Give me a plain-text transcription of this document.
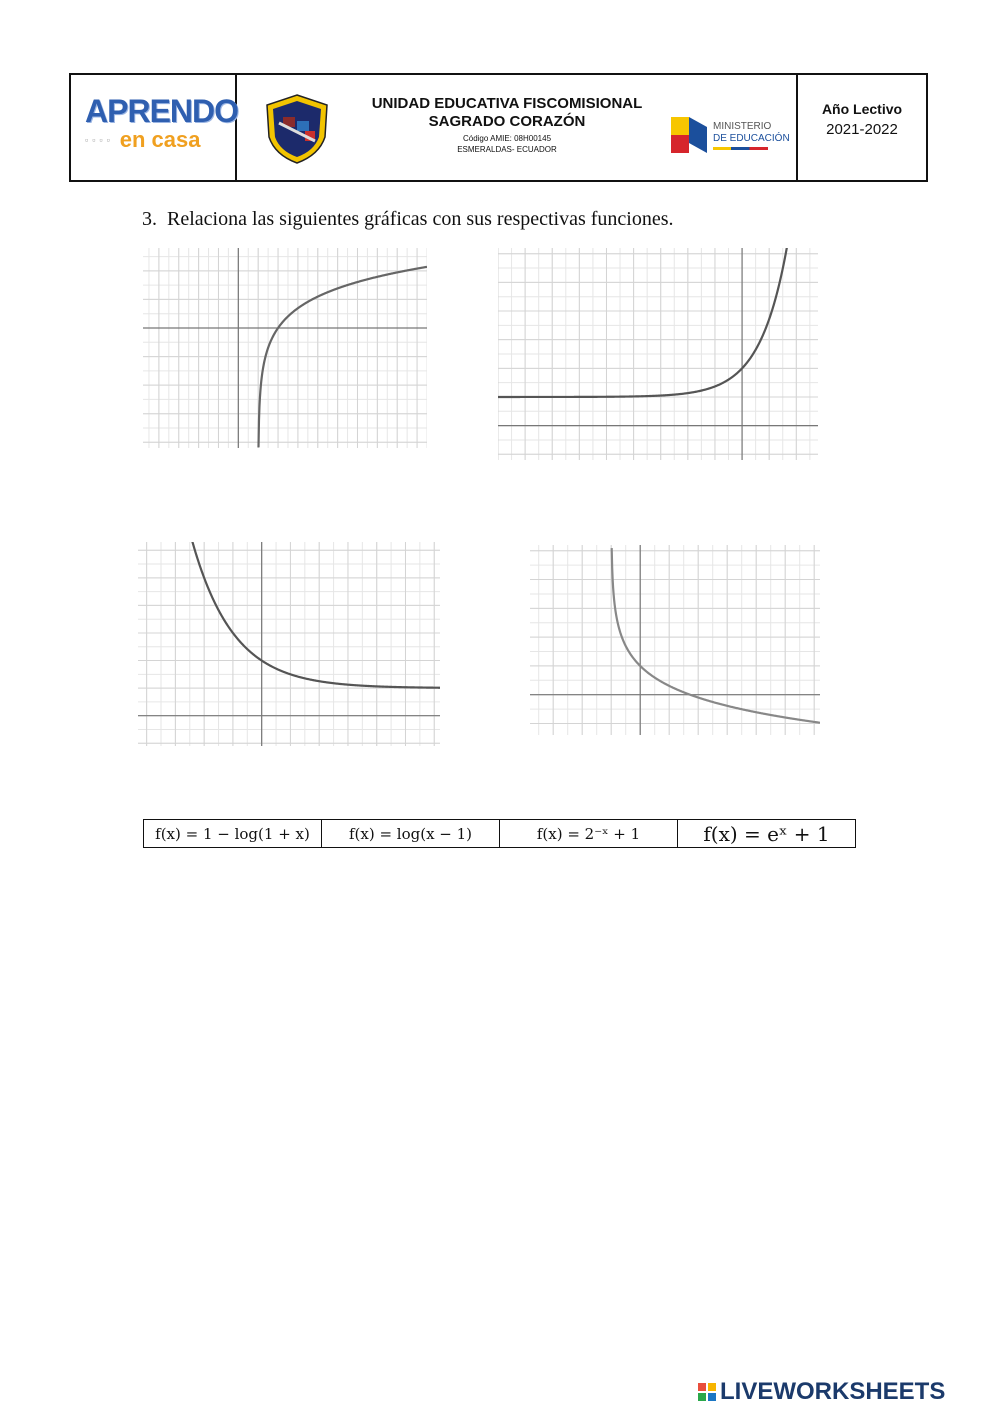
APRENDO
▫▫▫▫ en casa
UNIDAD EDUCATIVA FISCOMISIONAL
SAGRADO CORAZÓN
Código AMIE: 08H00145
ESMERALDAS- ECUADOR
MINISTERIO
DE EDUCACIÓN
Año Lectivo
2021-2022
3. Relaciona las siguientes gráficas con sus respectivas funciones.
f(x) = 1 − log(1 + x)	f(x) = log(x − 1)	f(x) = 2⁻ˣ + 1	f(x) = eˣ + 1
LIVEWORKSHEETS
